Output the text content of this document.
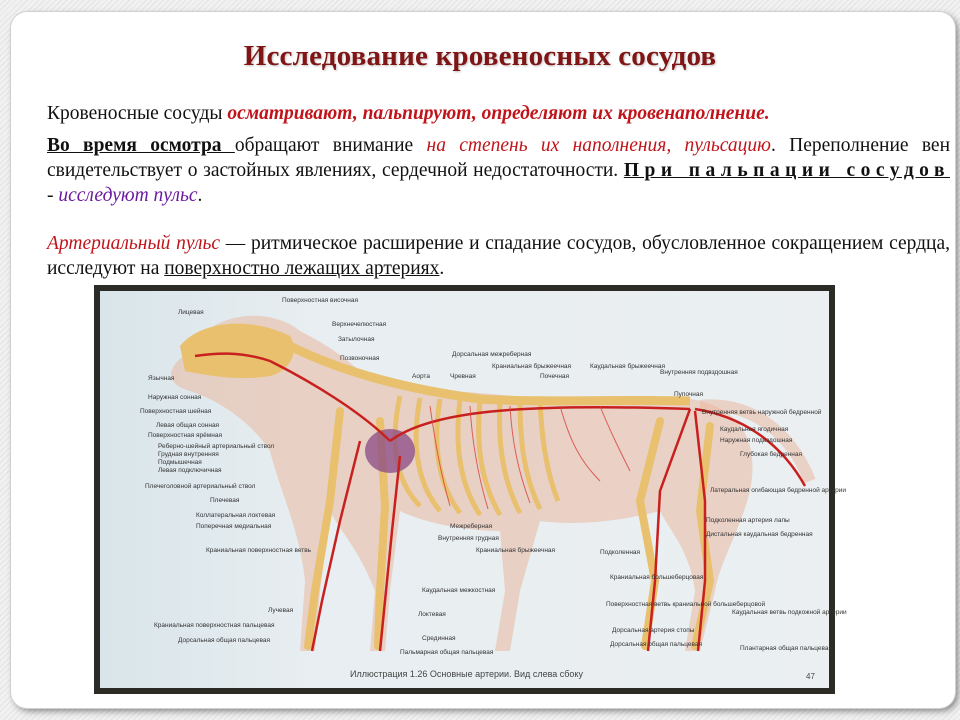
Исследование кровеносных сосудов
Кровеносные сосуды осматривают, пальпируют, определяют их кровенаполнение.
Во время осмотра обращают внимание на степень их наполнения, пульсацию. Переполнение вен свидетельствует о застойных явлениях, сердечной недостаточности. При пальпации сосудов - исследуют пульс.
Артериальный пульс — ритмическое расширение и спадание сосудов, обусловленное сокращением сердца, исследуют на поверхностно лежащих артериях.
Лицевая
Язычная
Наружная сонная
Поверхностная шейная
Левая общая сонная
Поверхностная ярёмная
Реберно-шейный артериальный ствол
Грудная внутренняя
Подмышечная
Левая подключичная
Плечеголовной артериальный ствол
Плечевая
Коллатеральная локтевая
Поперечная медиальная
Краниальная поверхностная ветвь
Лучевая
Краниальная поверхностная пальцевая
Дорсальная общая пальцевая
Поверхностная височная
Верхнечелюстная
Затылочная
Позвоночная
Дорсальная межреберная
Аорта	Чревная
Краниальная брыжеечная
Почечная
Каудальная брыжеечная
Внутренняя подвздошная
Пупочная
Внутренняя ветвь наружной бедренной
Каудальная ягодичная
Наружная подвздошная
Глубокая бедренная
Латеральная огибающая бедренной артерии
Подколенная артерия лапы
Дистальная каудальная бедренная
Подколенная
Краниальная большеберцовая
Поверхностная ветвь краниальной большеберцовой
Дорсальная артерия стопы
Дорсальная общая пальцевая
Каудальная ветвь подкожной артерии
Плантарная общая пальцевая
Межреберная
Внутренняя грудная
Краниальная брыжеечная
Каудальная межкостная
Локтевая
Срединная
Пальмарная общая пальцевая
Иллюстрация 1.26 Основные артерии. Вид слева сбоку	47
